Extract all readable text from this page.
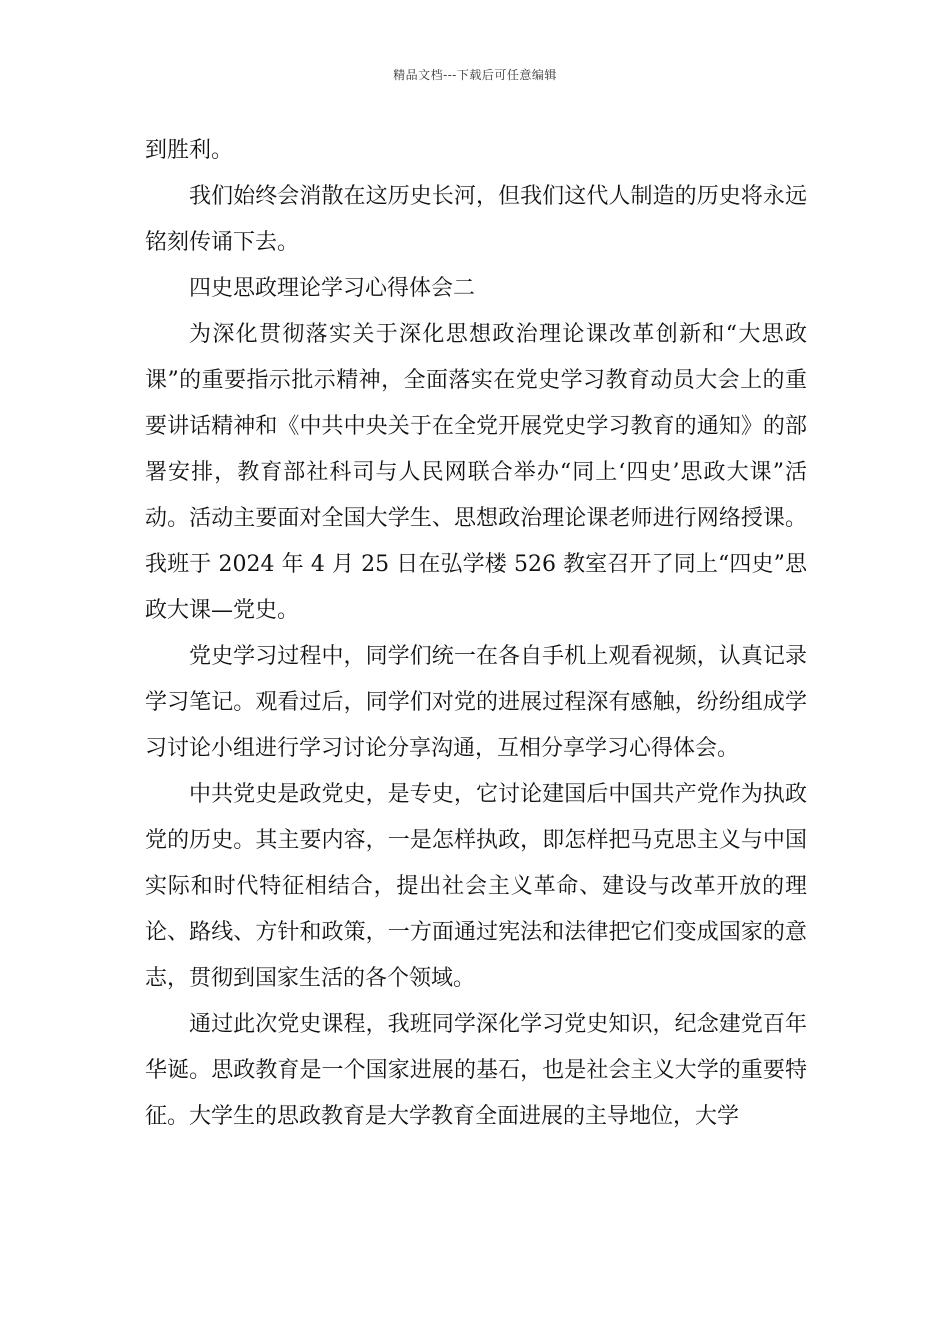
精品文档---下载后可任意编辑

到胜利。

我们始终会消散在这历史长河，但我们这代人制造的历史将永远铭刻传诵下去。

四史思政理论学习心得体会二

为深化贯彻落实关于深化思想政治理论课改革创新和“大思政课”的重要指示批示精神，全面落实在党史学习教育动员大会上的重要讲话精神和《中共中央关于在全党开展党史学习教育的通知》的部署安排，教育部社科司与人民网联合举办“同上‘四史’思政大课”活动。活动主要面对全国大学生、思想政治理论课老师进行网络授课。我班于 2024 年 4 月 25 日在弘学楼 526 教室召开了同上“四史”思政大课—党史。

党史学习过程中，同学们统一在各自手机上观看视频，认真记录学习笔记。观看过后，同学们对党的进展过程深有感触，纷纷组成学习讨论小组进行学习讨论分享沟通，互相分享学习心得体会。

中共党史是政党史，是专史，它讨论建国后中国共产党作为执政党的历史。其主要内容，一是怎样执政，即怎样把马克思主义与中国实际和时代特征相结合，提出社会主义革命、建设与改革开放的理论、路线、方针和政策，一方面通过宪法和法律把它们变成国家的意志，贯彻到国家生活的各个领域。

通过此次党史课程，我班同学深化学习党史知识，纪念建党百年华诞。思政教育是一个国家进展的基石，也是社会主义大学的重要特征。大学生的思政教育是大学教育全面进展的主导地位，大学
